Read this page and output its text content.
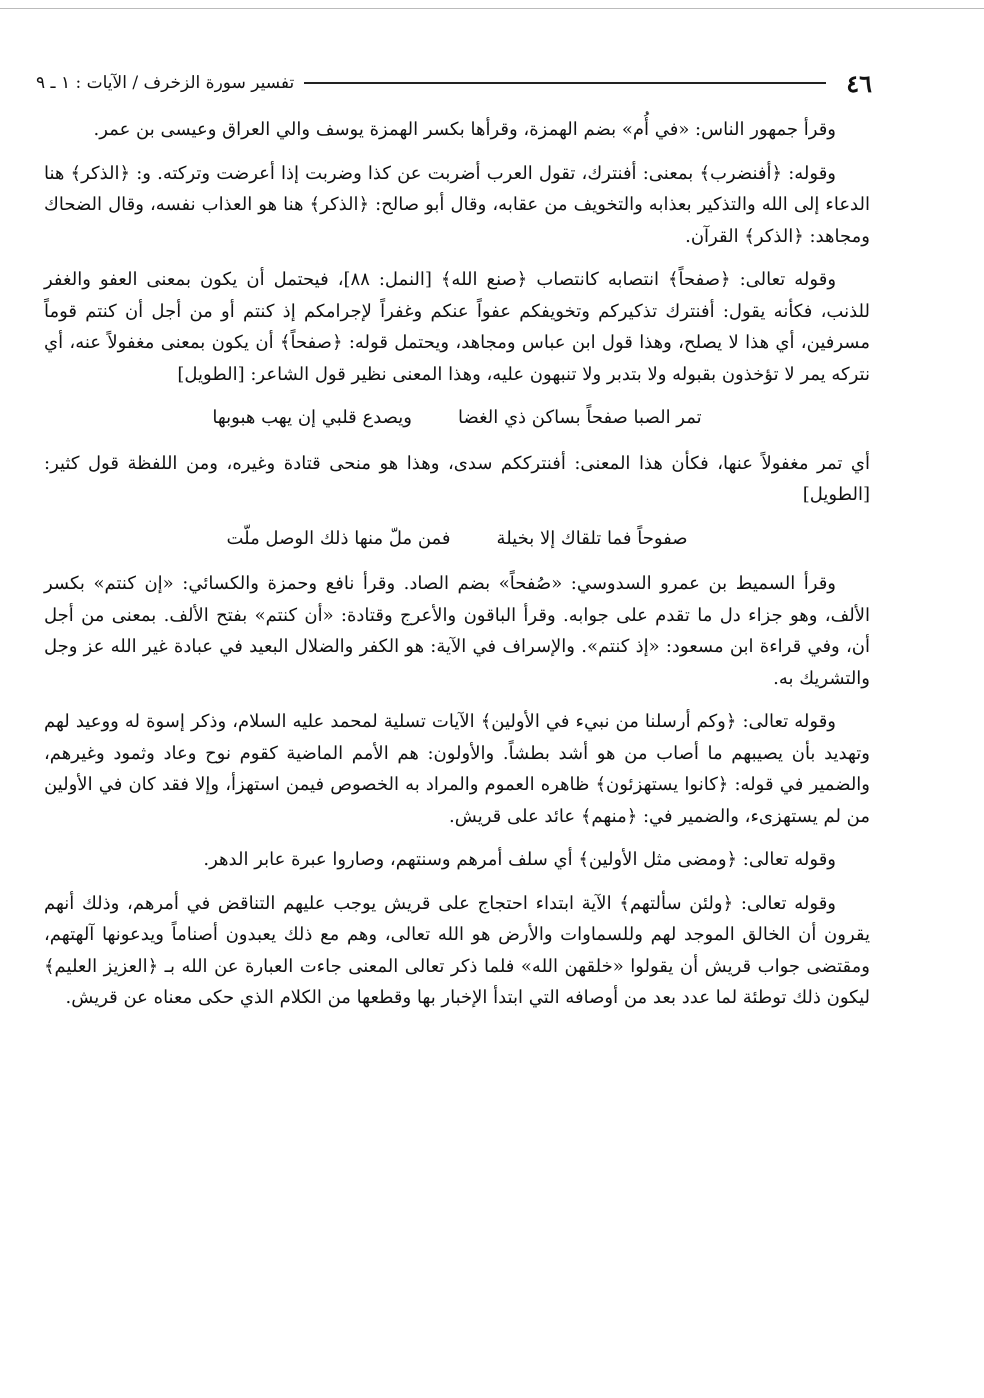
٤٦
تفسير سورة الزخرف / الآيات : ١ ـ ٩

وقرأ جمهور الناس: «في أُم» بضم الهمزة، وقرأها بكسر الهمزة يوسف والي العراق وعيسى بن عمر.

وقوله: ﴿أفنضرب﴾ بمعنى: أفنترك، تقول العرب أضربت عن كذا وضربت إذا أعرضت وتركته. و: ﴿الذكر﴾ هنا الدعاء إلى الله والتذكير بعذابه والتخويف من عقابه، وقال أبو صالح: ﴿الذكر﴾ هنا هو العذاب نفسه، وقال الضحاك ومجاهد: ﴿الذكر﴾ القرآن.

وقوله تعالى: ﴿صفحاً﴾ انتصابه كانتصاب ﴿صنع الله﴾ [النمل: ٨٨]، فيحتمل أن يكون بمعنى العفو والغفر للذنب، فكأنه يقول: أفنترك تذكيركم وتخويفكم عفواً عنكم وغفراً لإجرامكم إذ كنتم أو من أجل أن كنتم قوماً مسرفين، أي هذا لا يصلح، وهذا قول ابن عباس ومجاهد، ويحتمل قوله: ﴿صفحاً﴾ أن يكون بمعنى مغفولاً عنه، أي نتركه يمر لا تؤخذون بقبوله ولا بتدبر ولا تنبهون عليه، وهذا المعنى نظير قول الشاعر: [الطويل]

تمر الصبا صفحاً بساكن ذي الغضا
ويصدع قلبي إن يهب هبوبها

أي تمر مغفولاً عنها، فكأن هذا المعنى: أفنترككم سدى، وهذا هو منحى قتادة وغيره، ومن اللفظة قول كثير: [الطويل]

صفوحاً فما تلقاك إلا بخيلة
فمن ملّ منها ذلك الوصل ملّت

وقرأ السميط بن عمرو السدوسي: «صُفحاً» بضم الصاد. وقرأ نافع وحمزة والكسائي: «إن كنتم» بكسر الألف، وهو جزاء دل ما تقدم على جوابه. وقرأ الباقون والأعرج وقتادة: «أن كنتم» بفتح الألف. بمعنى من أجل أن، وفي قراءة ابن مسعود: «إذ كنتم». والإسراف في الآية: هو الكفر والضلال البعيد في عبادة غير الله عز وجل والتشريك به.

وقوله تعالى: ﴿وكم أرسلنا من نبيء في الأولين﴾ الآيات تسلية لمحمد عليه السلام، وذكر إسوة له ووعيد لهم وتهديد بأن يصيبهم ما أصاب من هو أشد بطشاً. والأولون: هم الأمم الماضية كقوم نوح وعاد وثمود وغيرهم، والضمير في قوله: ﴿كانوا يستهزئون﴾ ظاهره العموم والمراد به الخصوص فيمن استهزأ، وإلا فقد كان في الأولين من لم يستهزىء، والضمير في: ﴿منهم﴾ عائد على قريش.

وقوله تعالى: ﴿ومضى مثل الأولين﴾ أي سلف أمرهم وسنتهم، وصاروا عبرة عابر الدهر.

وقوله تعالى: ﴿ولئن سألتهم﴾ الآية ابتداء احتجاج على قريش يوجب عليهم التناقض في أمرهم، وذلك أنهم يقرون أن الخالق الموجد لهم وللسماوات والأرض هو الله تعالى، وهم مع ذلك يعبدون أصناماً ويدعونها آلهتهم، ومقتضى جواب قريش أن يقولوا «خلقهن الله» فلما ذكر تعالى المعنى جاءت العبارة عن الله بـ ﴿العزيز العليم﴾ ليكون ذلك توطئة لما عدد بعد من أوصافه التي ابتدأ الإخبار بها وقطعها من الكلام الذي حكى معناه عن قريش.
